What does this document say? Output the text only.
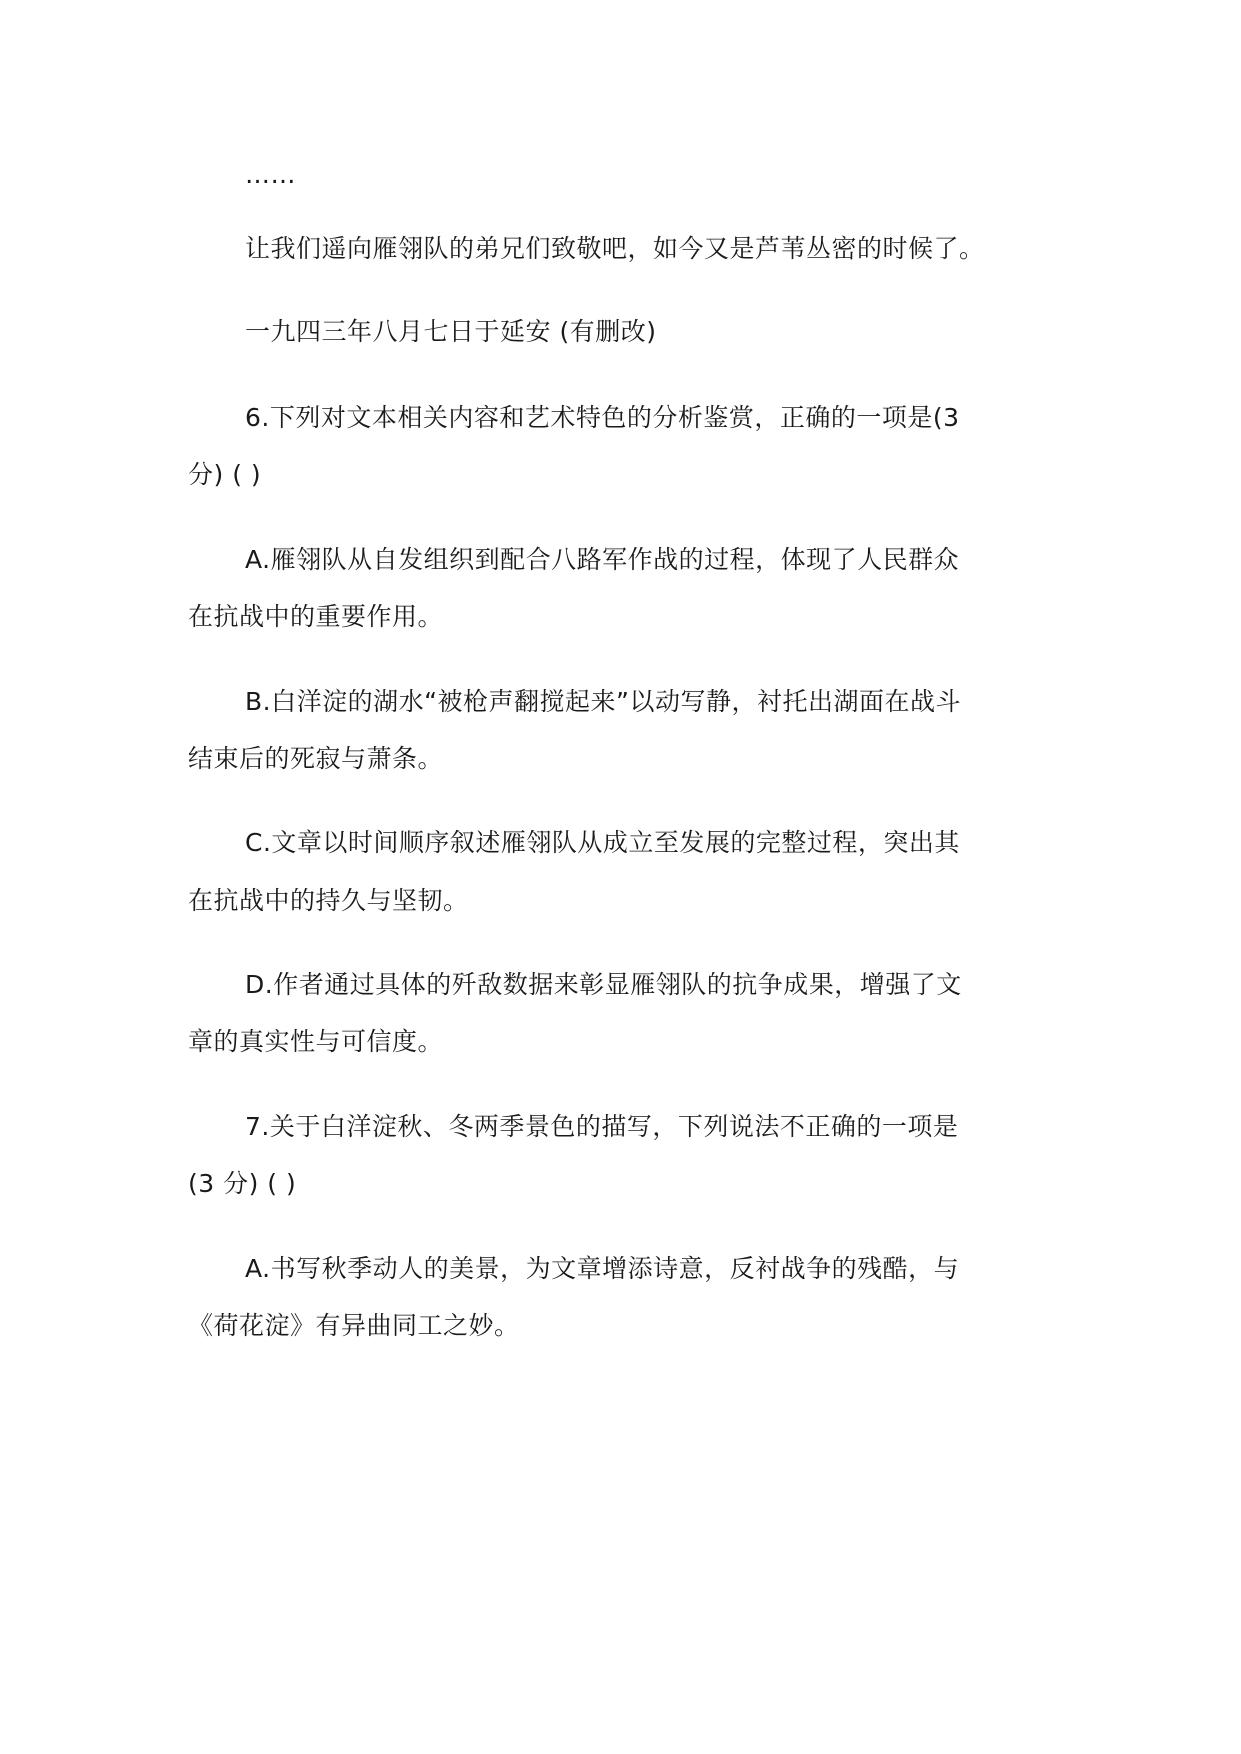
……
让我们遥向雁翎队的弟兄们致敬吧，如今又是芦苇丛密的时候了。
一九四三年八月七日于延安 (有删改)
6.下列对文本相关内容和艺术特色的分析鉴赏，正确的一项是(3
分) ( )
A.雁翎队从自发组织到配合八路军作战的过程，体现了人民群众
在抗战中的重要作用。
B.白洋淀的湖水“被枪声翻搅起来”以动写静，衬托出湖面在战斗
结束后的死寂与萧条。
C.文章以时间顺序叙述雁翎队从成立至发展的完整过程，突出其
在抗战中的持久与坚韧。
D.作者通过具体的歼敌数据来彰显雁翎队的抗争成果，增强了文
章的真实性与可信度。
7.关于白洋淀秋、冬两季景色的描写，下列说法不正确的一项是
(3 分) ( )
A.书写秋季动人的美景，为文章增添诗意，反衬战争的残酷，与
《荷花淀》有异曲同工之妙。
